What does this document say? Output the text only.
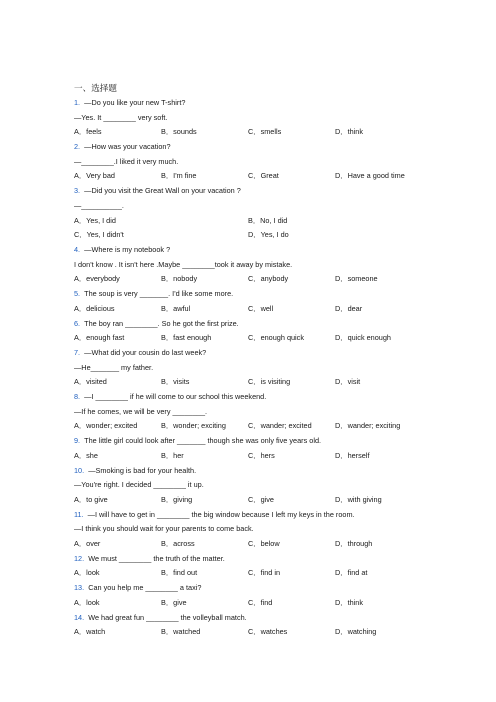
一、选择题
1.  —Do you like your new T-shirt?
—Yes. It ________ very soft.
A．feels	B．sounds	C．smells	D．think
2.  —How was your vacation?
—________.I liked it very much.
A．Very bad	B．I'm fine	C．Great	D．Have a good time
3.  —Did you visit the Great Wall on your vacation ?
—__________.
A．Yes, I did	B．No, I did
C．Yes, I didn't	D．Yes, I do
4.  —Where is my notebook ?
I don't know . It isn't here .Maybe ________took it away by mistake.
A．everybody	B．nobody	C．anybody	D．someone
5.  The soup is very _______. I'd like some more.
A．delicious	B．awful	C．well	D．dear
6.  The boy ran ________. So he got the first prize.
A．enough fast	B．fast enough	C．enough quick	D．quick enough
7.  —What did your cousin do last week?
—He_______ my father.
A．visited	B．visits	C．is visiting	D．visit
8.  —I ________ if he will come to our school this weekend.
—If he comes, we will be very ________.
A．wonder; excited	B．wonder; exciting	C．wander; excited	D．wander; exciting
9.  The little girl could look after _______ though she was only five years old.
A．she	B．her	C．hers	D．herself
10.  —Smoking is bad for your health.
—You're right. I decided ________ it up.
A．to give	B．giving	C．give	D．with giving
11.  —I will have to get in ________ the big window because I left my keys in the room.
—I think you should wait for your parents to come back.
A．over	B．across	C．below	D．through
12.  We must ________ the truth of the matter.
A．look	B．find out	C．find in	D．find at
13.  Can you help me ________ a taxi?
A．look	B．give	C．find	D．think
14.  We had great fun ________ the volleyball match.
A．watch	B．watched	C．watches	D．watching
